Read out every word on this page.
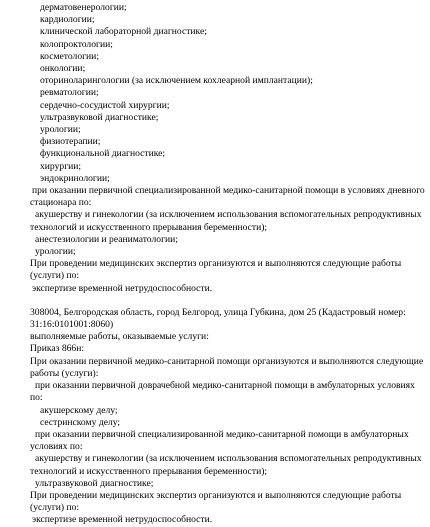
дерматовенерологии;
кардиологии;
клинической лабораторной диагностике;
колопроктологии;
косметологии;
онкологии;
оториноларингологии (за исключением кохлеарной имплантации);
ревматологии;
сердечно-сосудистой хирургии;
ультразвуковой диагностике;
урологии;
физиотерапии;
функциональной диагностике;
хирургии;
эндокринологии;
при оказании первичной специализированной медико-санитарной помощи в условиях дневного
стационара по:
акушерству и гинекологии (за исключением использования вспомогательных репродуктивных
технологий и искусственного прерывания беременности);
анестезиологии и реаниматологии;
урологии;
При проведении медицинских экспертиз организуются и выполняются следующие работы
(услуги) по:
экспертизе временной нетрудоспособности.
308004, Белгородская область, город Белгород, улица Губкина, дом 25 (Кадастровый номер:
31:16:0101001:8060)
выполняемые работы, оказываемые услуги:
Приказ 866н:
При оказании первичной медико-санитарной помощи организуются и выполняются следующие
работы (услуги):
при оказании первичной доврачебной медико-санитарной помощи в амбулаторных условиях
по:
акушерскому делу;
сестринскому делу;
при оказании первичной специализированной медико-санитарной помощи в амбулаторных
условиях по:
акушерству и гинекологии (за исключением использования вспомогательных репродуктивных
технологий и искусственного прерывания беременности);
ультразвуковой диагностике;
При проведении медицинских экспертиз организуются и выполняются следующие работы
(услуги) по:
экспертизе временной нетрудоспособности.
